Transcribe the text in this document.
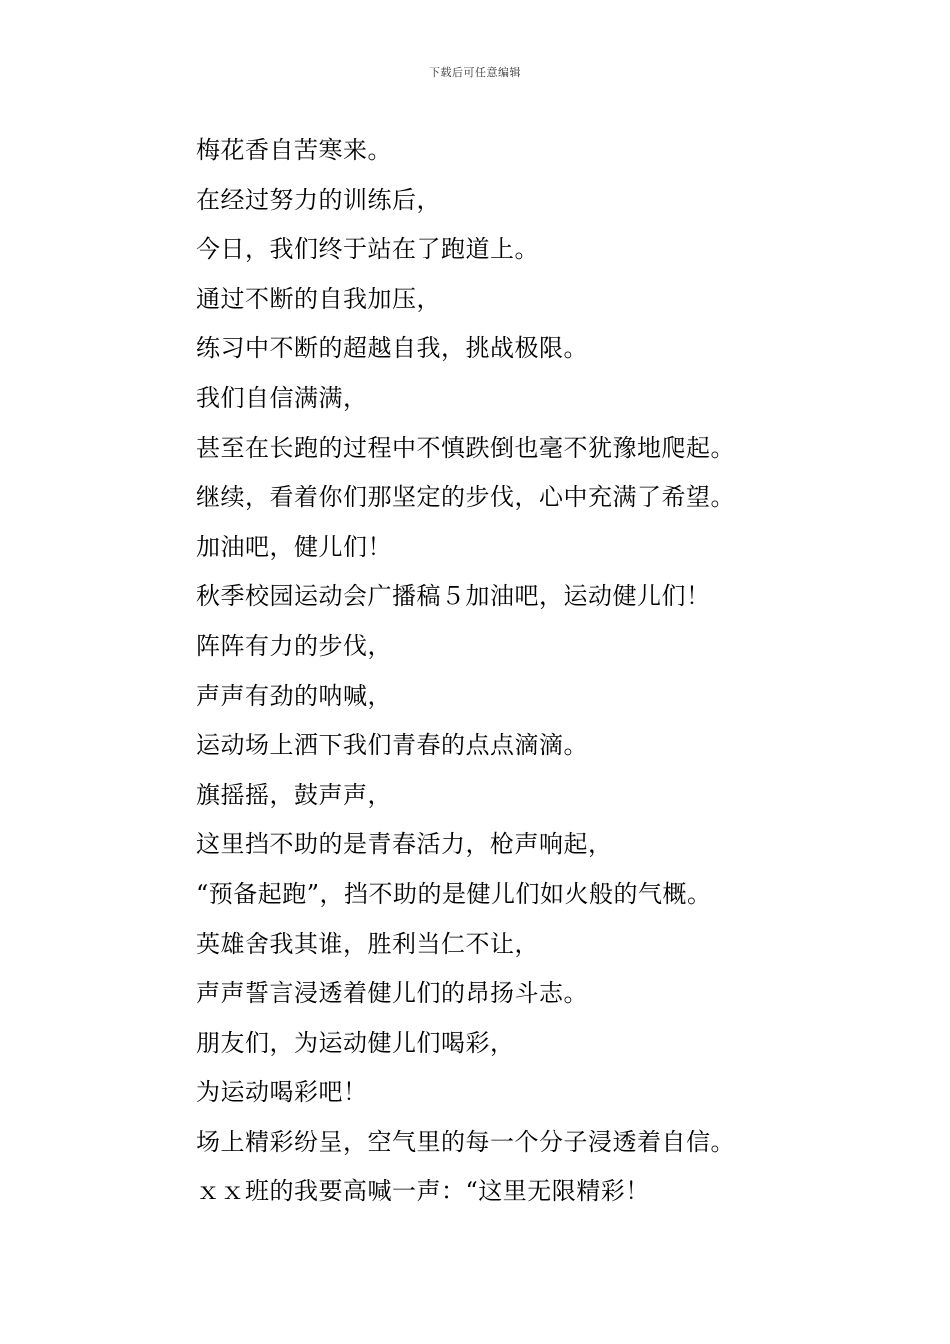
下载后可任意编辑
梅花香自苦寒来。
在经过努力的训练后，
今日，我们终于站在了跑道上。
通过不断的自我加压，
练习中不断的超越自我，挑战极限。
我们自信满满，
甚至在长跑的过程中不慎跌倒也毫不犹豫地爬起。
继续，看着你们那坚定的步伐，心中充满了希望。
加油吧，健儿们！
秋季校园运动会广播稿５加油吧，运动健儿们！
阵阵有力的步伐，
声声有劲的呐喊，
运动场上洒下我们青春的点点滴滴。
旗摇摇，鼓声声，
这里挡不助的是青春活力，枪声响起，
“预备起跑”，挡不助的是健儿们如火般的气概。
英雄舍我其谁，胜利当仁不让，
声声誓言浸透着健儿们的昂扬斗志。
朋友们，为运动健儿们喝彩，
为运动喝彩吧！
场上精彩纷呈，空气里的每一个分子浸透着自信。
ｘｘ班的我要高喊一声：“这里无限精彩！
